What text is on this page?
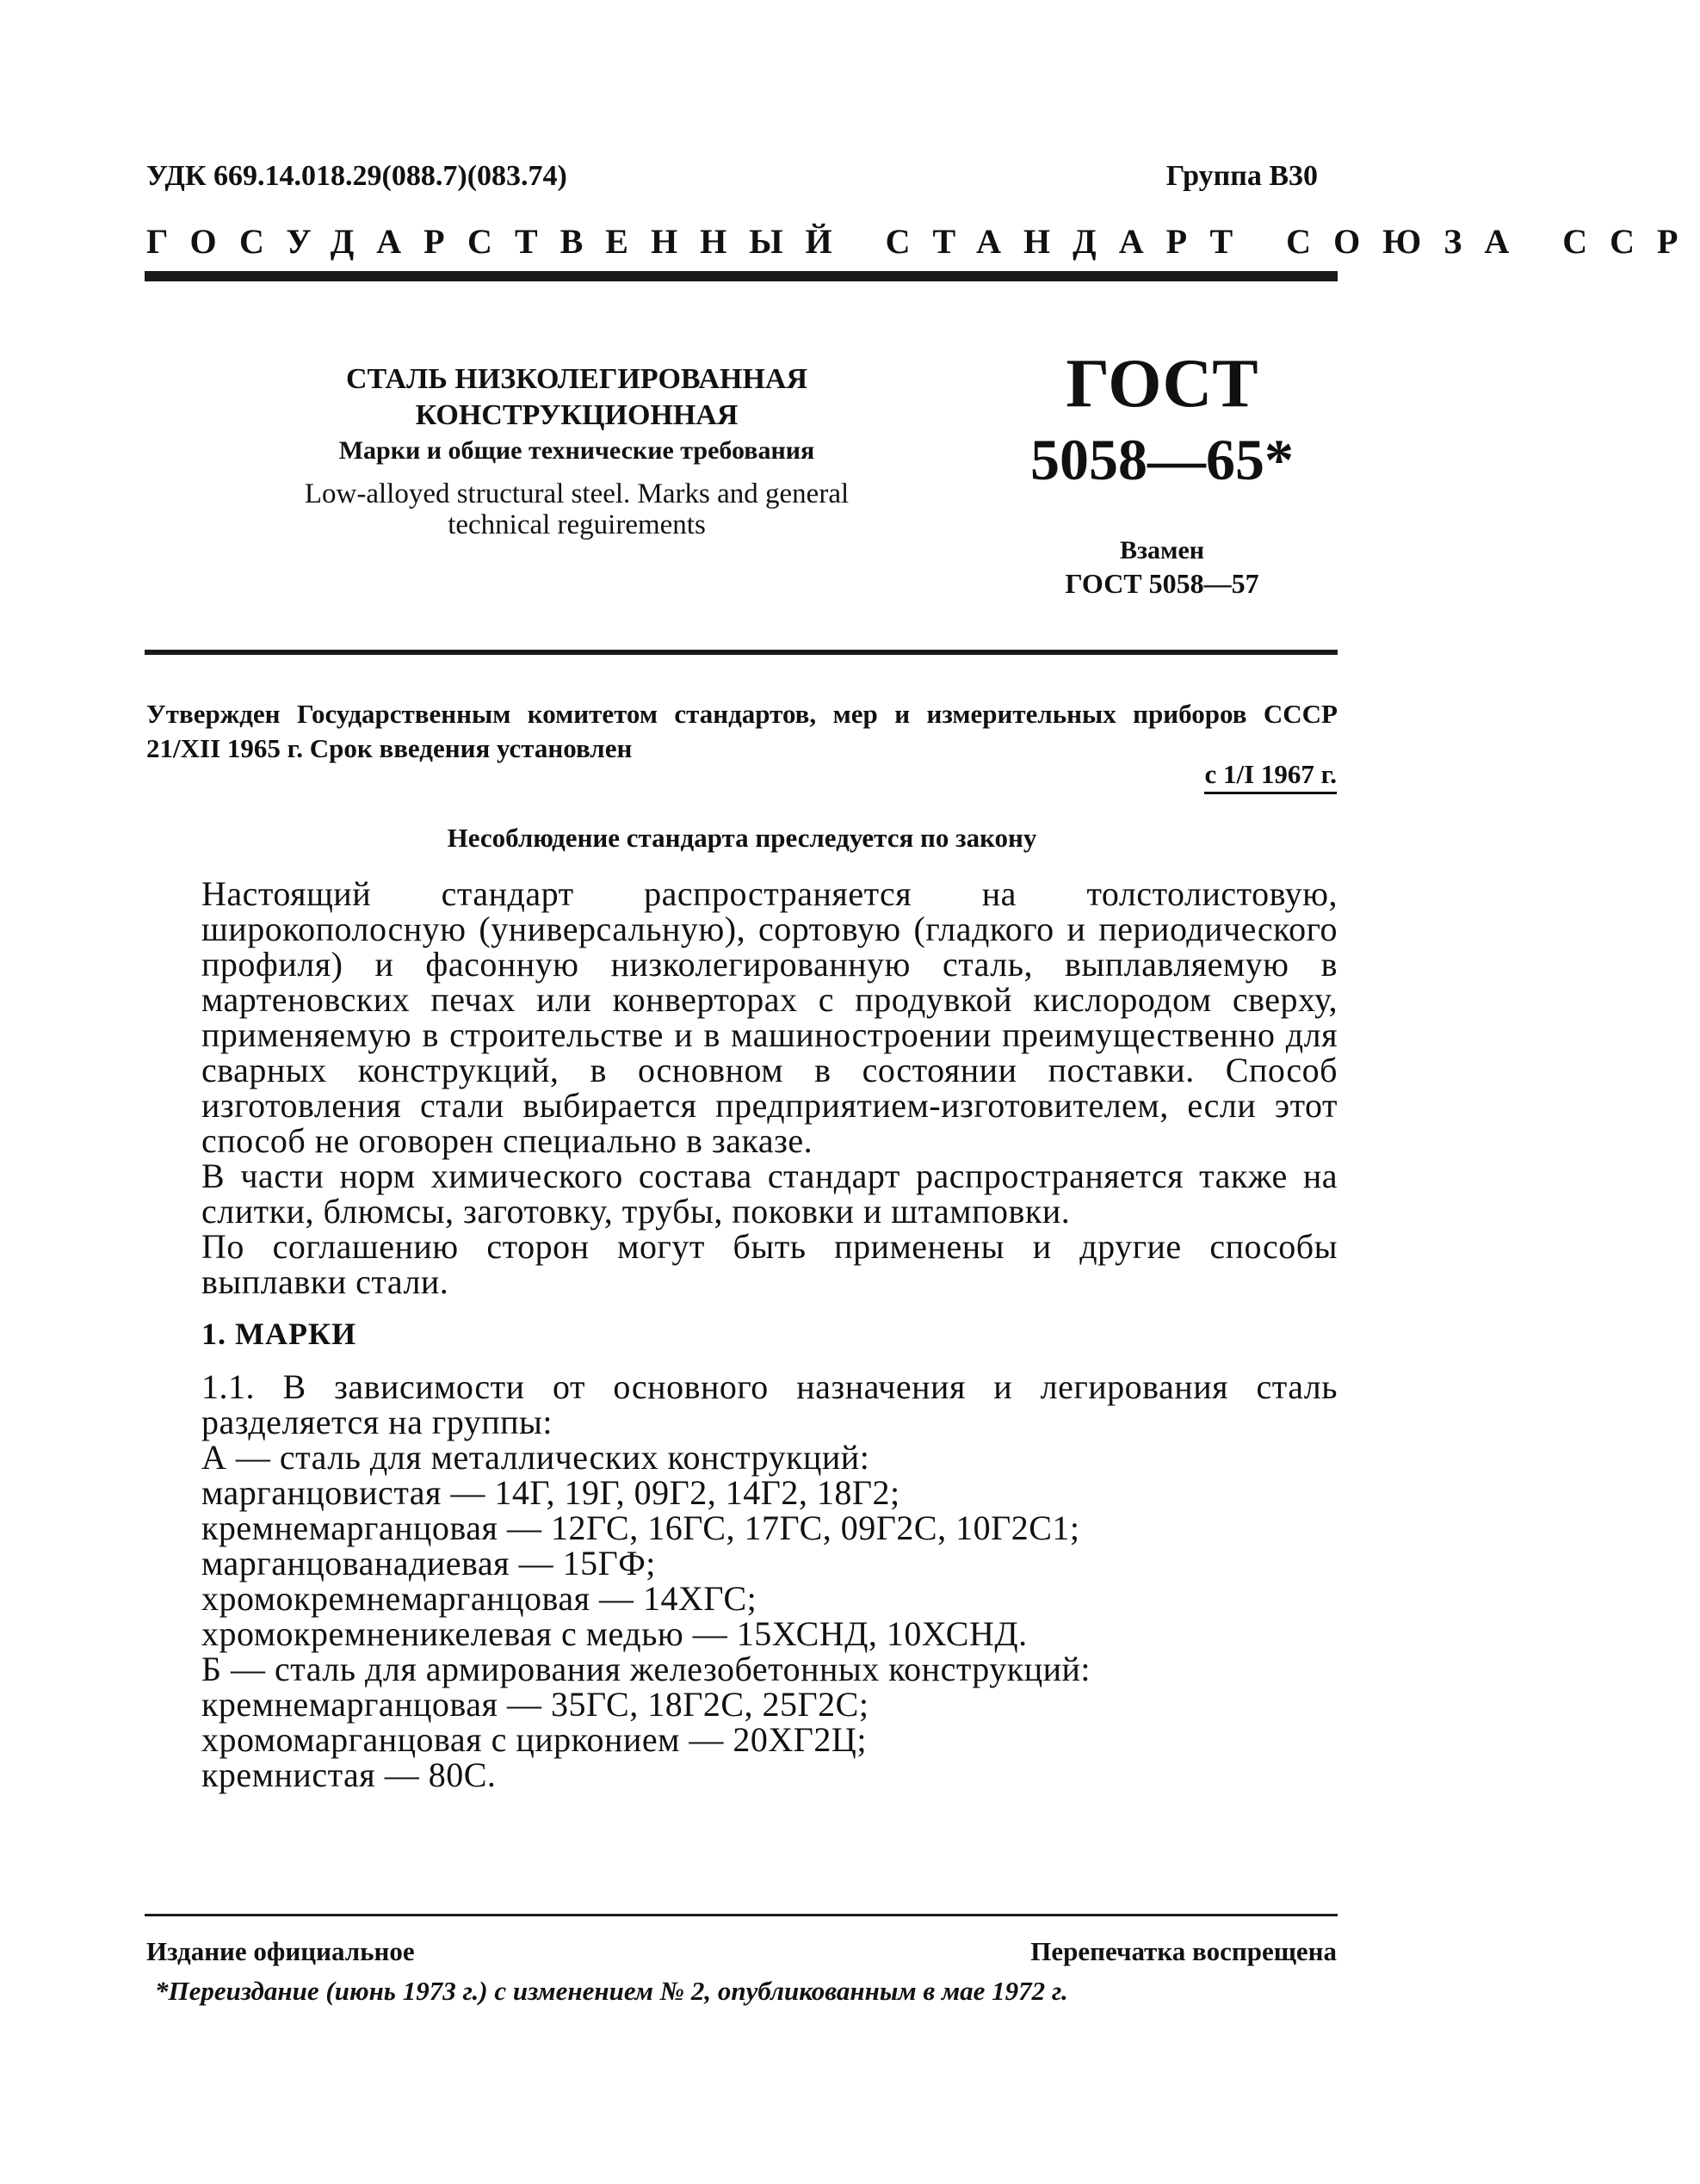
УДК 669.14.018.29(088.7)(083.74)	Группа В30
ГОСУДАРСТВЕННЫЙ СТАНДАРТ СОЮЗА ССР
СТАЛЬ НИЗКОЛЕГИРОВАННАЯ
КОНСТРУКЦИОННАЯ
Марки и общие технические требования
Low-alloyed structural steel. Marks and general
technical reguirements
ГОСТ
5058—65*
Взамен
ГОСТ 5058—57
Утвержден Государственным комитетом стандартов, мер и измерительных приборов СССР 21/XII 1965 г. Срок введения установлен
с 1/I 1967 г.
Несоблюдение стандарта преследуется по закону

Настоящий стандарт распространяется на толстолистовую, широкополосную (универсальную), сортовую (гладкого и периодического профиля) и фасонную низколегированную сталь, выплавляемую в мартеновских печах или конверторах с продувкой кислородом сверху, применяемую в строительстве и в машиностроении преимущественно для сварных конструкций, в основном в состоянии поставки. Способ изготовления стали выбирается предприятием-изготовителем, если этот способ не оговорен специально в заказе.

В части норм химического состава стандарт распространяется также на слитки, блюмсы, заготовку, трубы, поковки и штамповки.

По соглашению сторон могут быть применены и другие способы выплавки стали.

1. МАРКИ

1.1. В зависимости от основного назначения и легирования сталь разделяется на группы:

А — сталь для металлических конструкций:
марганцовистая — 14Г, 19Г, 09Г2, 14Г2, 18Г2;
кремнемарганцовая — 12ГС, 16ГС, 17ГС, 09Г2С, 10Г2С1;
марганцованадиевая — 15ГФ;
хромокремнемарганцовая — 14ХГС;
хромокремненикелевая с медью — 15ХСНД, 10ХСНД.
Б — сталь для армирования железобетонных конструкций:
кремнемарганцовая — 35ГС, 18Г2С, 25Г2С;
хромомарганцовая с цирконием — 20ХГ2Ц;
кремнистая — 80С.
Издание официальное	Перепечатка воспрещена
*Переиздание (июнь 1973 г.) с изменением № 2, опубликованным в мае 1972 г.
